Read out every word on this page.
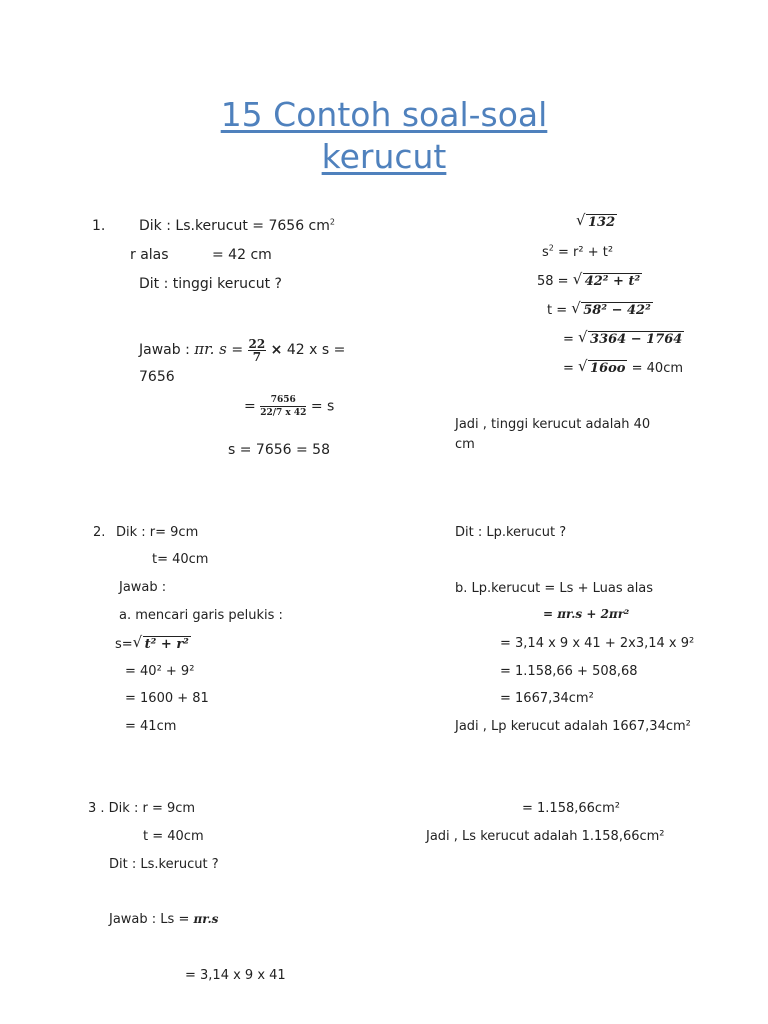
15 Contoh soal-soal
kerucut
1. Dik : Ls.kerucut = 7656 $cm^2$
r alas	= 42 cm
Dit : tinggi kerucut ?
Jawab : πr. $s = \frac{22}{7} \times 42$ x s =
7656
= $\frac{7656}{22/7 x 42} = s$
s = 7656 = 58
√ 132
$s^2 = r^2 + t^2$
58 = √ 42² + t²
t = √ 58² − 42²
= √ 3364 − 1764
= √ 16oo = 40cm
Jadi , tinggi kerucut adalah 40
cm
2. Dik : r= 9cm
t= 40cm
Jawab :
a. mencari garis pelukis :
s= √ t² + r²
= 40² + 9²
= 1600 + 81
= 41cm
Dit : Lp.kerucut ?
b. Lp.kerucut = Ls + Luas alas
= πr.s + 2πr²
= 3,14 x 9 x 41 + 2x3,14 x 9²
= 1.158,66 + 508,68
= 1667,34cm²
Jadi , Lp kerucut adalah 1667,34cm²
3 . Dik : r = 9cm
t = 40cm
Dit : Ls.kerucut ?
Jawab : Ls = πr.s
= 3,14 x 9 x 41
= 1.158,66cm²
Jadi , Ls kerucut adalah 1.158,66cm²
